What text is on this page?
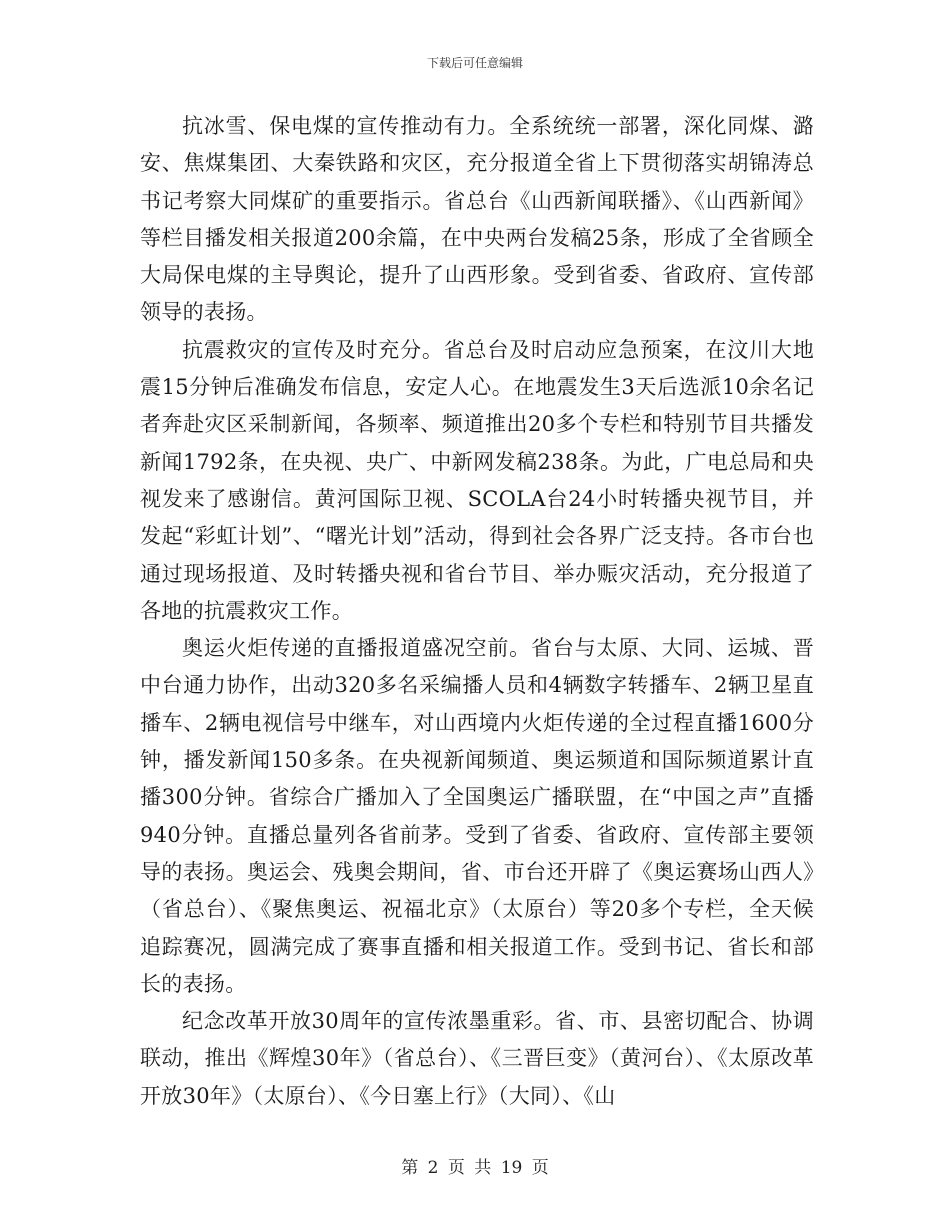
下载后可任意编辑

抗冰雪、保电煤的宣传推动有力。全系统统一部署，深化同煤、潞安、焦煤集团、大秦铁路和灾区，充分报道全省上下贯彻落实胡锦涛总书记考察大同煤矿的重要指示。省总台《山西新闻联播》、《山西新闻》等栏目播发相关报道200余篇，在中央两台发稿25条，形成了全省顾全大局保电煤的主导舆论，提升了山西形象。受到省委、省政府、宣传部领导的表扬。

抗震救灾的宣传及时充分。省总台及时启动应急预案，在汶川大地震15分钟后准确发布信息，安定人心。在地震发生3天后选派10余名记者奔赴灾区采制新闻，各频率、频道推出20多个专栏和特别节目共播发新闻1792条，在央视、央广、中新网发稿238条。为此，广电总局和央视发来了感谢信。黄河国际卫视、SCOLA台24小时转播央视节目，并发起“彩虹计划”、“曙光计划”活动，得到社会各界广泛支持。各市台也通过现场报道、及时转播央视和省台节目、举办赈灾活动，充分报道了各地的抗震救灾工作。

奥运火炬传递的直播报道盛况空前。省台与太原、大同、运城、晋中台通力协作，出动320多名采编播人员和4辆数字转播车、2辆卫星直播车、2辆电视信号中继车，对山西境内火炬传递的全过程直播1600分钟，播发新闻150多条。在央视新闻频道、奥运频道和国际频道累计直播300分钟。省综合广播加入了全国奥运广播联盟，在“中国之声”直播940分钟。直播总量列各省前茅。受到了省委、省政府、宣传部主要领导的表扬。奥运会、残奥会期间，省、市台还开辟了《奥运赛场山西人》（省总台）、《聚焦奥运、祝福北京》（太原台）等20多个专栏，全天候追踪赛况，圆满完成了赛事直播和相关报道工作。受到书记、省长和部长的表扬。

纪念改革开放30周年的宣传浓墨重彩。省、市、县密切配合、协调联动，推出《辉煌30年》（省总台）、《三晋巨变》（黄河台）、《太原改革开放30年》（太原台）、《今日塞上行》（大同）、《山

第 2 页 共 19 页
